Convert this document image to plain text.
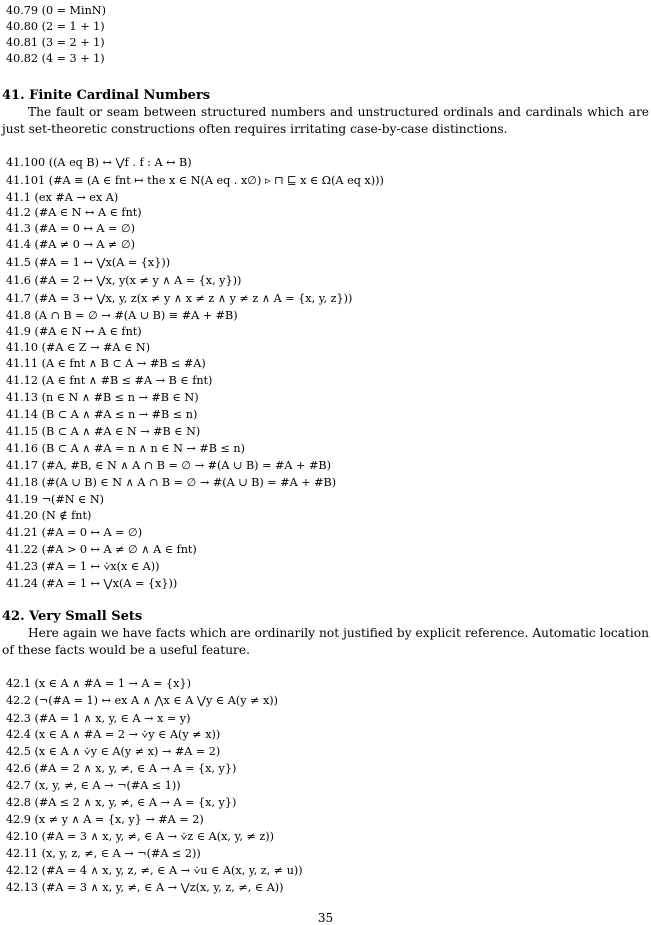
40.79 (0 = MinN)
40.80 (2 = 1 + 1)
40.81 (3 = 2 + 1)
40.82 (4 = 3 + 1)
41. Finite Cardinal Numbers
The fault or seam between structured numbers and unstructured ordinals and cardinals which are just set-theoretic constructions often requires irritating case-by-case distinctions.
41.100 ((A eq B) ↔ ⋁f . f : A ↔ B)
41.101 (#A ≡ (A ∈ fnt ↦ the x ∈ N(A eq . x∅) ▹ ⊓ ⊑ x ∈ Ω(A eq x)))
41.1 (ex #A → ex A)
41.2 (#A ∈ N ↔ A ∈ fnt)
41.3 (#A = 0 ↔ A = ∅)
41.4 (#A ≠ 0 → A ≠ ∅)
41.5 (#A = 1 ↔ ⋁x(A = {x}))
41.6 (#A = 2 ↔ ⋁x, y(x ≠ y ∧ A = {x, y}))
41.7 (#A = 3 ↔ ⋁x, y, z(x ≠ y ∧ x ≠ z ∧ y ≠ z ∧ A = {x, y, z}))
41.8 (A ∩ B = ∅ → #(A ∪ B) ≡ #A + #B)
41.9 (#A ∈ N ↔ A ∈ fnt)
41.10 (#A ∈ Z → #A ∈ N)
41.11 (A ∈ fnt ∧ B ⊂ A → #B ≤ #A)
41.12 (A ∈ fnt ∧ #B ≤ #A → B ∈ fnt)
41.13 (n ∈ N ∧ #B ≤ n → #B ∈ N)
41.14 (B ⊂ A ∧ #A ≤ n → #B ≤ n)
41.15 (B ⊂ A ∧ #A ∈ N → #B ∈ N)
41.16 (B ⊂ A ∧ #A = n ∧ n ∈ N → #B ≤ n)
41.17 (#A, #B, ∈ N ∧ A ∩ B = ∅ → #(A ∪ B) = #A + #B)
41.18 (#(A ∪ B) ∈ N ∧ A ∩ B = ∅ → #(A ∪ B) = #A + #B)
41.19 ¬(#N ∈ N)
41.20 (N ∉ fnt)
41.21 (#A = 0 ↔ A = ∅)
41.22 (#A > 0 ↔ A ≠ ∅ ∧ A ∈ fnt)
41.23 (#A = 1 ↔ ⩒x(x ∈ A))
41.24 (#A = 1 ↔ ⋁x(A = {x}))
42. Very Small Sets
Here again we have facts which are ordinarily not justified by explicit reference. Automatic location of these facts would be a useful feature.
42.1 (x ∈ A ∧ #A = 1 → A = {x})
42.2 (¬(#A = 1) ↔ ex A ∧ ⋀x ∈ A ⋁y ∈ A(y ≠ x))
42.3 (#A = 1 ∧ x, y, ∈ A → x = y)
42.4 (x ∈ A ∧ #A = 2 → ⩒y ∈ A(y ≠ x))
42.5 (x ∈ A ∧ ⩒y ∈ A(y ≠ x) → #A = 2)
42.6 (#A = 2 ∧ x, y, ≠, ∈ A → A = {x, y})
42.7 (x, y, ≠, ∈ A → ¬(#A ≤ 1))
42.8 (#A ≤ 2 ∧ x, y, ≠, ∈ A → A = {x, y})
42.9 (x ≠ y ∧ A = {x, y} → #A = 2)
42.10 (#A = 3 ∧ x, y, ≠, ∈ A → ⩒z ∈ A(x, y, ≠ z))
42.11 (x, y, z, ≠, ∈ A → ¬(#A ≤ 2))
42.12 (#A = 4 ∧ x, y, z, ≠, ∈ A → ⩒u ∈ A(x, y, z, ≠ u))
42.13 (#A = 3 ∧ x, y, ≠, ∈ A → ⋁z(x, y, z, ≠, ∈ A))
35
